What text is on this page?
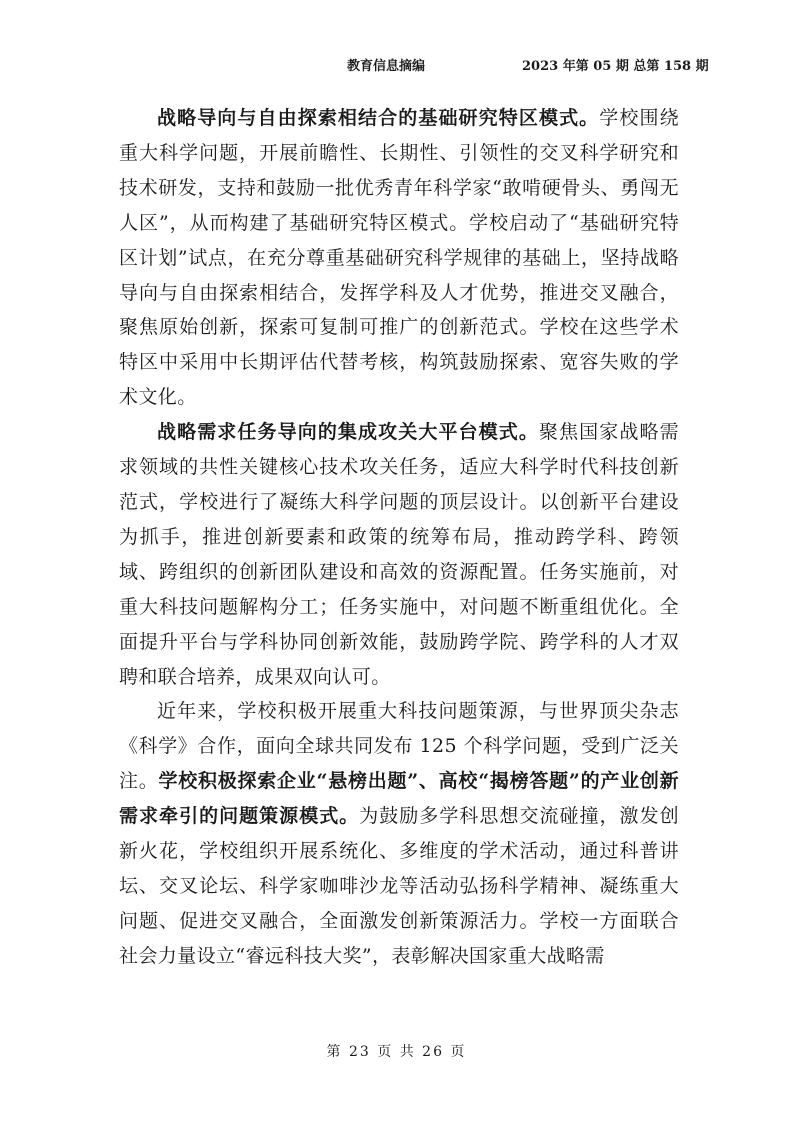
教育信息摘编	2023 年第 05 期 总第 158 期

战略导向与自由探索相结合的基础研究特区模式。学校围绕重大科学问题，开展前瞻性、长期性、引领性的交叉科学研究和技术研发，支持和鼓励一批优秀青年科学家“敢啃硬骨头、勇闯无人区”，从而构建了基础研究特区模式。学校启动了“基础研究特区计划”试点，在充分尊重基础研究科学规律的基础上，坚持战略导向与自由探索相结合，发挥学科及人才优势，推进交叉融合，聚焦原始创新，探索可复制可推广的创新范式。学校在这些学术特区中采用中长期评估代替考核，构筑鼓励探索、宽容失败的学术文化。

战略需求任务导向的集成攻关大平台模式。聚焦国家战略需求领域的共性关键核心技术攻关任务，适应大科学时代科技创新范式，学校进行了凝练大科学问题的顶层设计。以创新平台建设为抓手，推进创新要素和政策的统筹布局，推动跨学科、跨领域、跨组织的创新团队建设和高效的资源配置。任务实施前，对重大科技问题解构分工；任务实施中，对问题不断重组优化。全面提升平台与学科协同创新效能，鼓励跨学院、跨学科的人才双聘和联合培养，成果双向认可。

近年来，学校积极开展重大科技问题策源，与世界顶尖杂志《科学》合作，面向全球共同发布 125 个科学问题，受到广泛关注。学校积极探索企业“悬榜出题”、高校“揭榜答题”的产业创新需求牵引的问题策源模式。为鼓励多学科思想交流碰撞，激发创新火花，学校组织开展系统化、多维度的学术活动，通过科普讲坛、交叉论坛、科学家咖啡沙龙等活动弘扬科学精神、凝练重大问题、促进交叉融合，全面激发创新策源活力。学校一方面联合社会力量设立“睿远科技大奖”，表彰解决国家重大战略需

第 23 页 共 26 页
